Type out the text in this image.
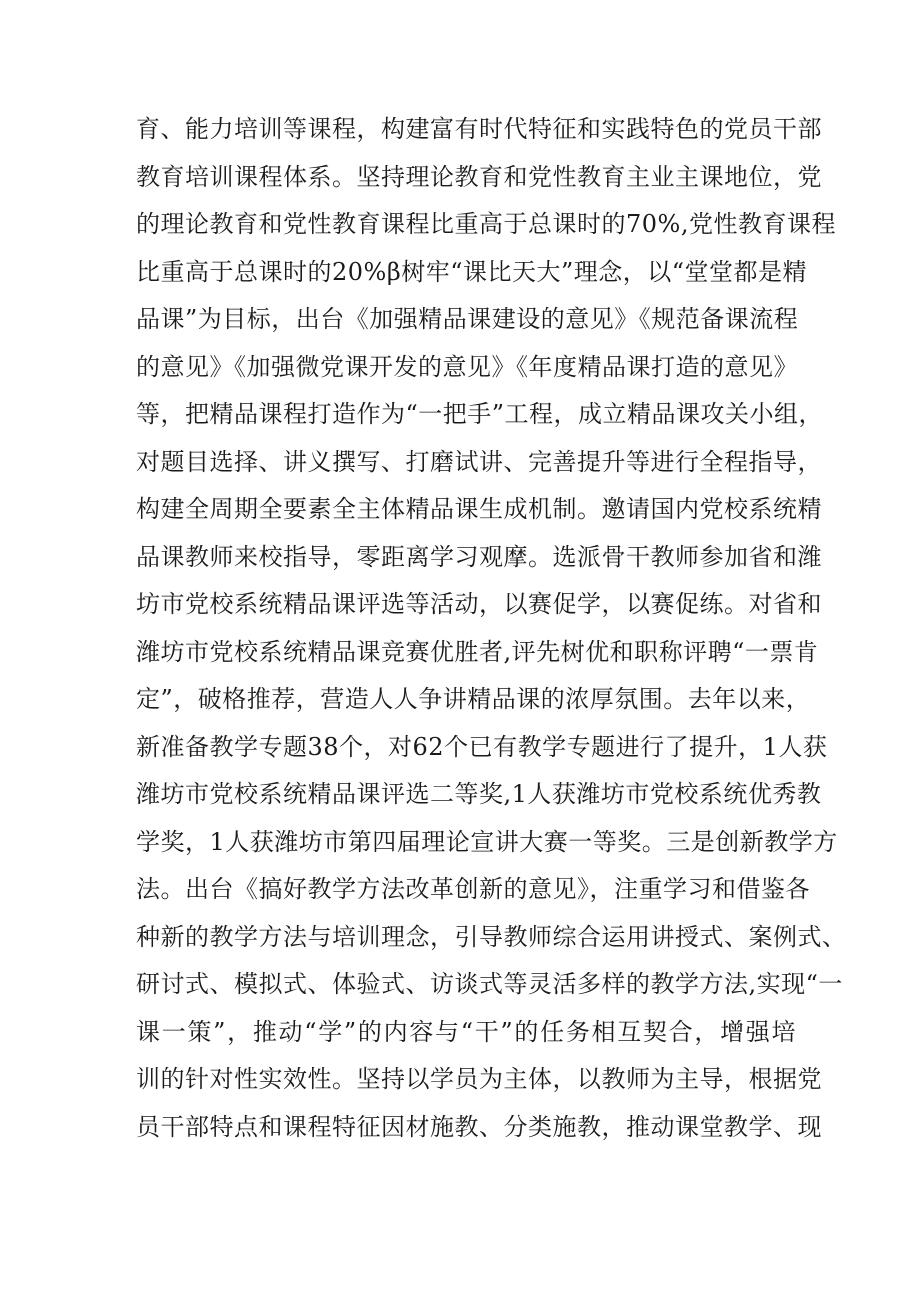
育、能力培训等课程，构建富有时代特征和实践特色的党员干部
教育培训课程体系。坚持理论教育和党性教育主业主课地位，党
的理论教育和党性教育课程比重高于总课时的70%,党性教育课程
比重高于总课时的20%β树牢“课比天大”理念，以“堂堂都是精
品课”为目标，出台《加强精品课建设的意见》《规范备课流程
的意见》《加强微党课开发的意见》《年度精品课打造的意见》
等，把精品课程打造作为“一把手”工程，成立精品课攻关小组，
对题目选择、讲义撰写、打磨试讲、完善提升等进行全程指导，
构建全周期全要素全主体精品课生成机制。邀请国内党校系统精
品课教师来校指导，零距离学习观摩。选派骨干教师参加省和潍
坊市党校系统精品课评选等活动，以赛促学，以赛促练。对省和
潍坊市党校系统精品课竞赛优胜者,评先树优和职称评聘“一票肯
定”，破格推荐，营造人人争讲精品课的浓厚氛围。去年以来，
新准备教学专题38个，对62个已有教学专题进行了提升，1人获
潍坊市党校系统精品课评选二等奖,1人获潍坊市党校系统优秀教
学奖，1人获潍坊市第四届理论宣讲大赛一等奖。三是创新教学方
法。出台《搞好教学方法改革创新的意见》，注重学习和借鉴各
种新的教学方法与培训理念，引导教师综合运用讲授式、案例式、
研讨式、模拟式、体验式、访谈式等灵活多样的教学方法,实现“一
课一策”，推动“学”的内容与“干”的任务相互契合，增强培
训的针对性实效性。坚持以学员为主体，以教师为主导，根据党
员干部特点和课程特征因材施教、分类施教，推动课堂教学、现
